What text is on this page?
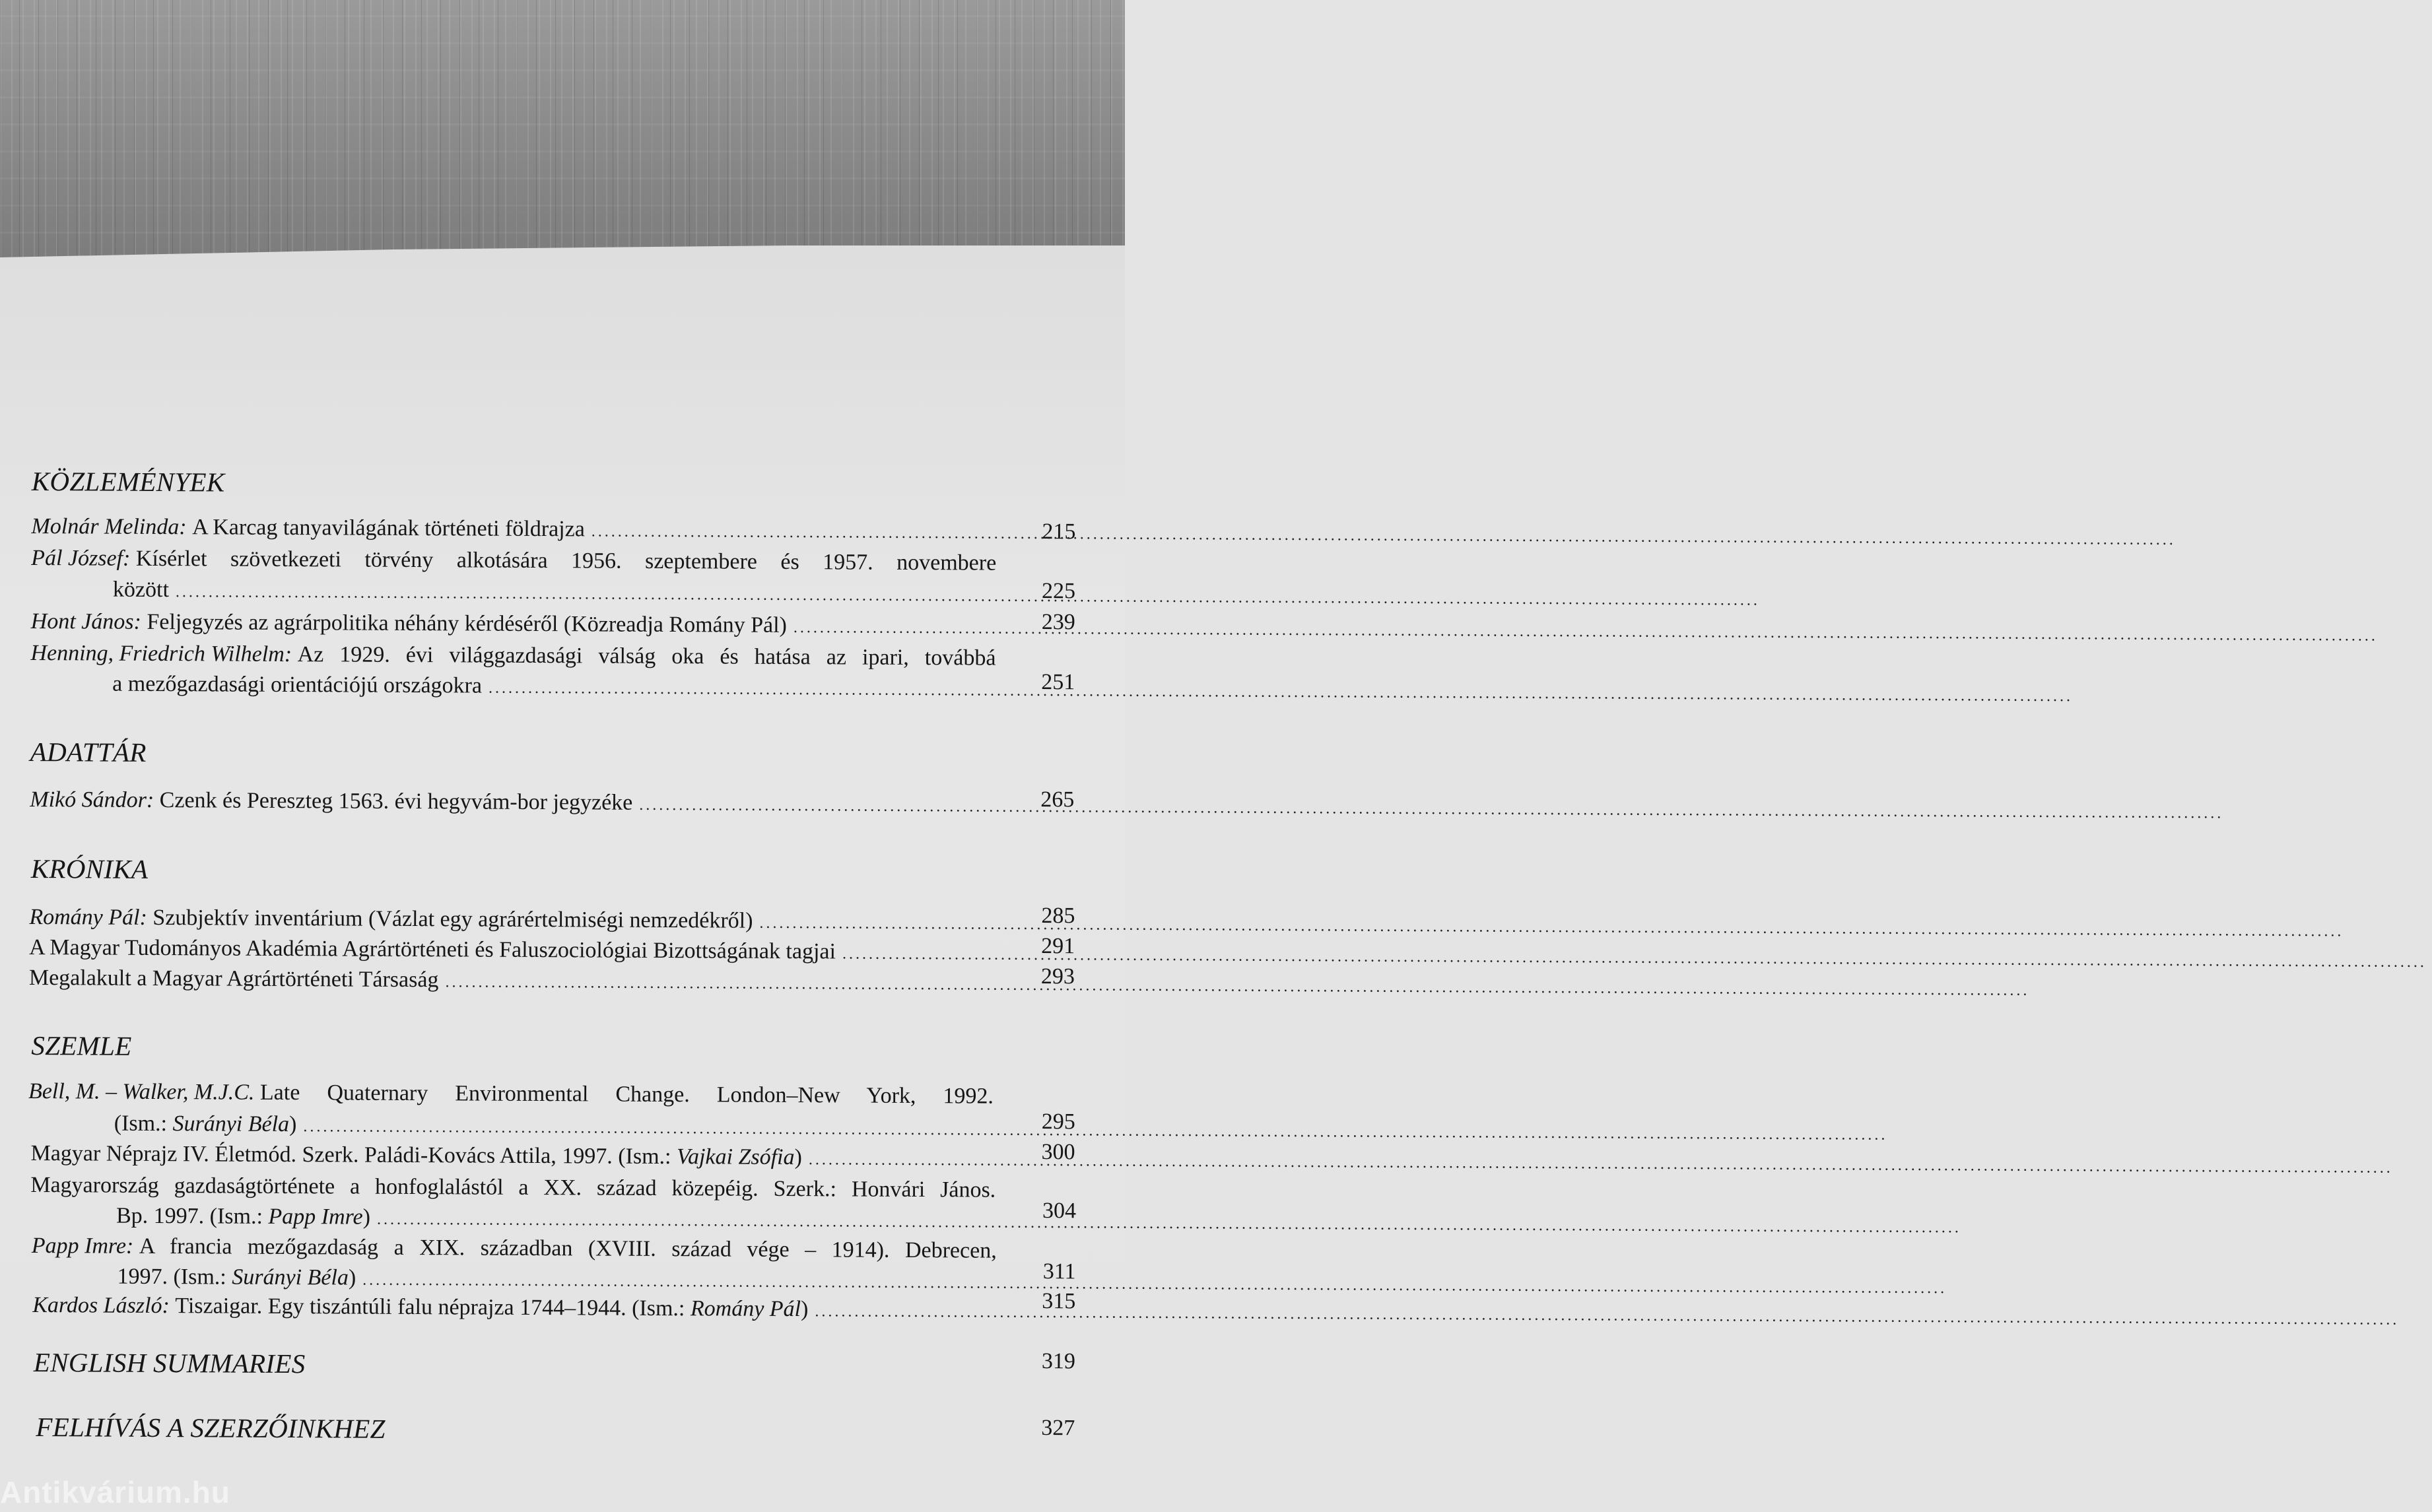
KÖZLEMÉNYEK
Molnár Melinda:
A Karcag tanyavilágának történeti földrajza .....	215
Pál József:
Kísérlet szövetkezeti törvény alkotására 1956. szeptembere és 1957. novembere
között .....	225
Hont János:
Feljegyzés az agrárpolitika néhány kérdéséről (Közreadja Romány Pál) .....	239
Henning, Friedrich Wilhelm:
Az 1929. évi világgazdasági válság oka és hatása az ipari, továbbá
a mezőgazdasági orientációjú országokra .....	251
ADATTÁR
Mikó Sándor:
Czenk és Pereszteg 1563. évi hegyvám-bor jegyzéke .....	265
KRÓNIKA
Romány Pál:
Szubjektív inventárium (Vázlat egy agrárértelmiségi nemzedékről) .....	285
A Magyar Tudományos Akadémia Agrártörténeti és Faluszociológiai Bizottságának tagjai .....	291
Megalakult a Magyar Agrártörténeti Társaság .....	293
SZEMLE
Bell, M. – Walker, M.J.C.
Late Quaternary Environmental Change. London–New York, 1992.
(Ism.: Surányi Béla) .....	295
Magyar Néprajz IV. Életmód. Szerk. Paládi-Kovács Attila, 1997. (Ism.: Vajkai Zsófia) .....	300
Magyarország gazdaságtörténete a honfoglalástól a XX. század közepéig. Szerk.: Honvári János.
Bp. 1997. (Ism.: Papp Imre) .....	304
Papp Imre:
A francia mezőgazdaság a XIX. században (XVIII. század vége – 1914). Debrecen,
1997. (Ism.: Surányi Béla) .....	311
Kardos László:
Tiszaigar. Egy tiszántúli falu néprajza 1744–1944. (Ism.: Romány Pál) .....	315
ENGLISH SUMMARIES	319
FELHÍVÁS A SZERZŐINKHEZ	327
Antikvárium.hu
